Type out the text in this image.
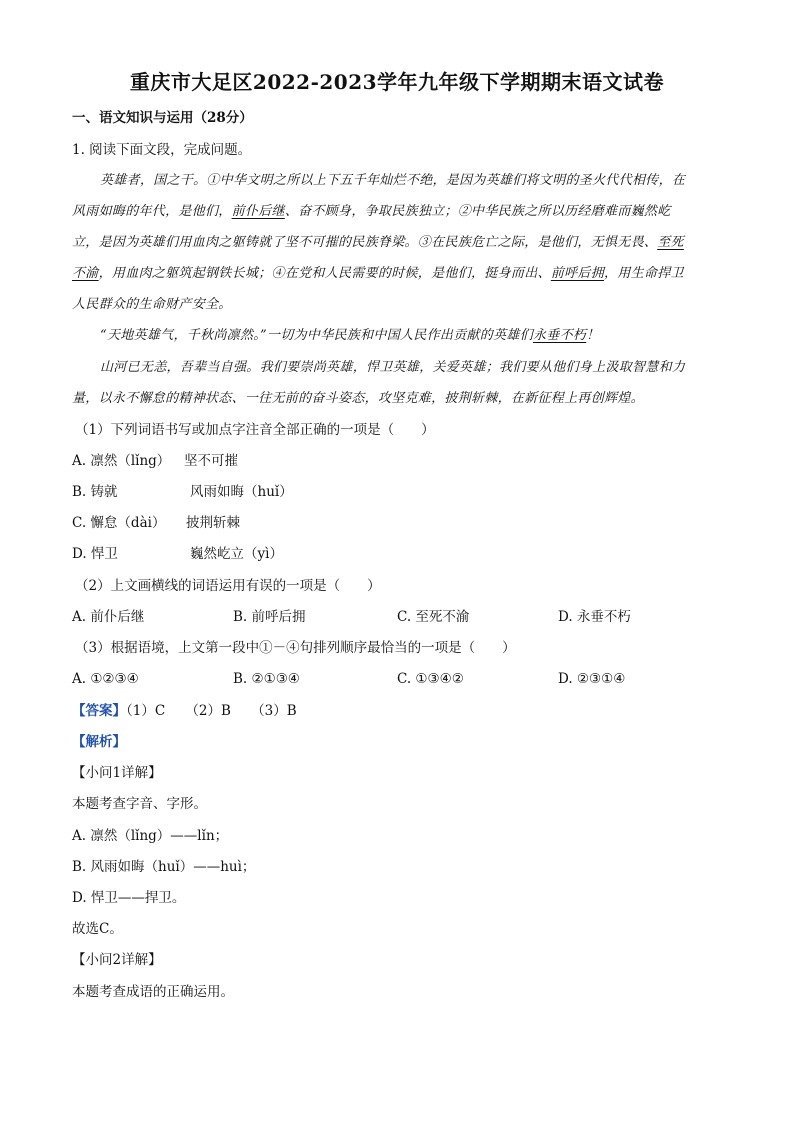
重庆市大足区2022-2023学年九年级下学期期末语文试卷
一、语文知识与运用（28分）
1. 阅读下面文段，完成问题。
英雄者，国之干。①中华文明之所以上下五千年灿烂不绝，是因为英雄们将文明的圣火代代相传，在
风雨如晦的年代，是他们，前仆后继、奋不顾身，争取民族独立；②中华民族之所以历经磨难而巍然屹
立，是因为英雄们用血肉之躯铸就了坚不可摧的民族脊梁。③在民族危亡之际，是他们，无惧无畏、至死
不渝，用血肉之躯筑起钢铁长城；④在党和人民需要的时候，是他们，挺身而出、前呼后拥，用生命捍卫
人民群众的生命财产安全。
“天地英雄气，千秋尚凛然。”一切为中华民族和中国人民作出贡献的英雄们永垂不朽！
山河已无恙，吾辈当自强。我们要崇尚英雄，悍卫英雄，关爱英雄；我们要从他们身上汲取智慧和力
量，以永不懈怠的精神状态、一往无前的奋斗姿态，攻坚克难，披荆斩棘，在新征程上再创辉煌。
（1）下列词语书写或加点字注音全部正确的一项是（　　）
A. 凛然（lǐng） 坚不可摧
B. 铸就	风雨如晦（huǐ）
C. 懈怠（dài） 披荆斩棘
D. 悍卫	巍然屹立（yì）
（2）上文画横线的词语运用有误的一项是（　　）
A. 前仆后继	B. 前呼后拥	C. 至死不渝	D. 永垂不朽
（3）根据语境，上文第一段中①－④句排列顺序最恰当的一项是（　　）
A. ①②③④	B. ②①③④	C. ①③④②	D. ②③①④
【答案】（1）C　　（2）B　　（3）B
【解析】
【小问1详解】
本题考查字音、字形。
A. 凛然（lǐng）——lǐn；
B. 风雨如晦（huǐ）——huì；
D. 悍卫——捍卫。
故选C。
【小问2详解】
本题考查成语的正确运用。
